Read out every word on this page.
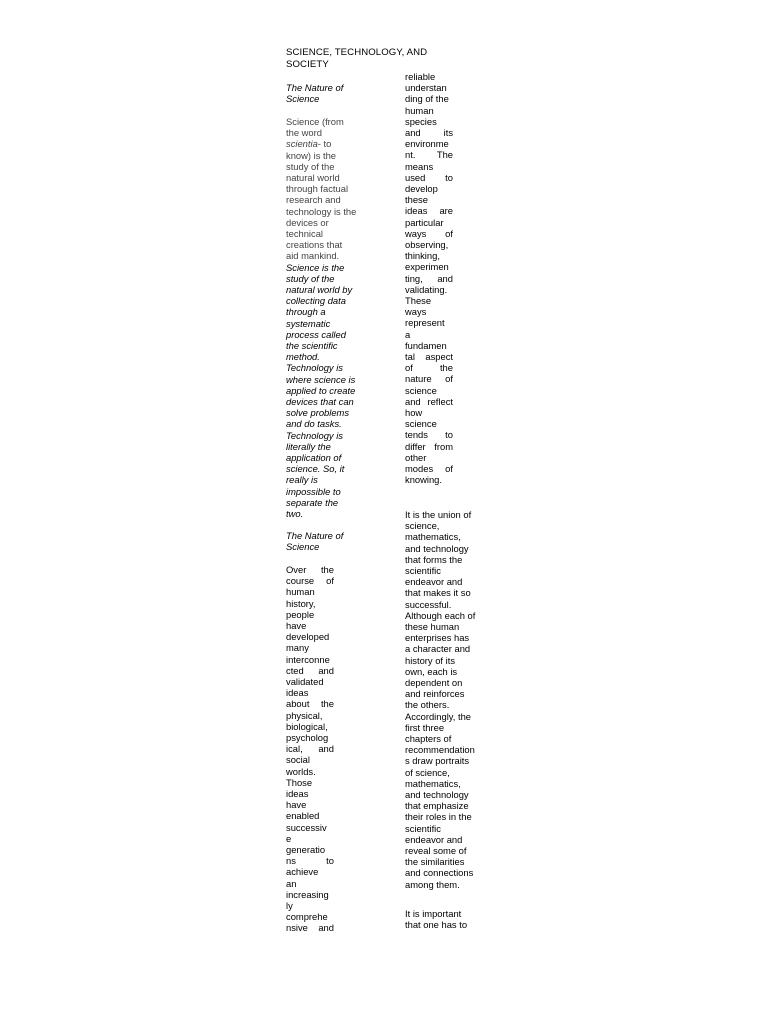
SCIENCE, TECHNOLOGY, AND
SOCIETY
The Nature of
Science
Science (from
the word
scientia- to
know) is the
study of the
natural world
through factual
research and
technology is the
devices or
technical
creations that
aid mankind.
Science is the
study of the
natural world by
collecting data
through a
systematic
process called
the scientific
method.
Technology is
where science is
applied to create
devices that can
solve problems
and do tasks.
Technology is
literally the
application of
science. So, it
really is
impossible to
separate the
two.
The Nature of
Science
Over the
course of
human
history,
people
have
developed
many
interconne
cted and
validated
ideas
about the
physical,
biological,
psycholog
ical, and
social
worlds.
Those
ideas
have
enabled
successiv
e
generatio
ns	to
achieve
an
increasing
ly
comprehe
nsive and
reliable
understan
ding of the
human
species
and its
environme
nt. The
means
used to
develop
these
ideas are
particular
ways of
observing,
thinking,
experimen
ting, and
validating.
These
ways
represent
a
fundamen
tal aspect
of	the
nature of
science
and reflect
how
science
tends to
differ from
other
modes of
knowing.
It is the union of
science,
mathematics,
and technology
that forms the
scientific
endeavor and
that makes it so
successful.
Although each of
these human
enterprises has
a character and
history of its
own, each is
dependent on
and reinforces
the others.
Accordingly, the
first three
chapters of
recommendation
s draw portraits
of science,
mathematics,
and technology
that emphasize
their roles in the
scientific
endeavor and
reveal some of
the similarities
and connections
among them.
It is important
that one has to
